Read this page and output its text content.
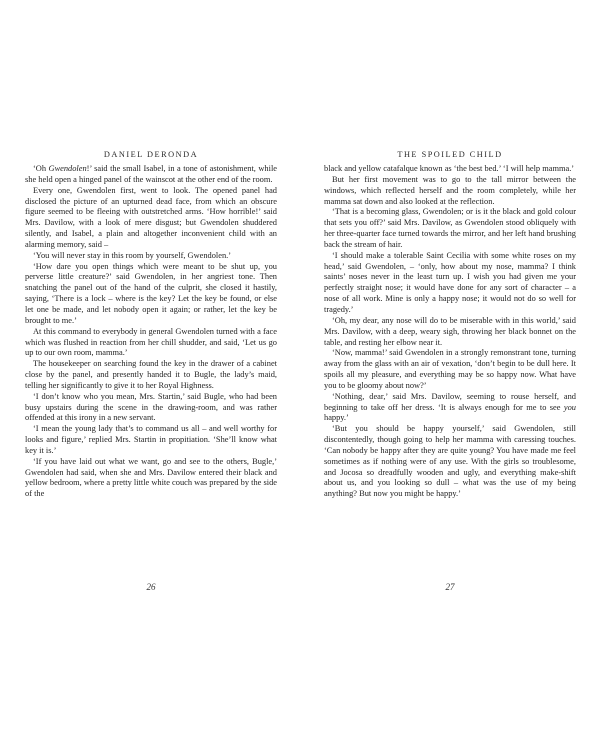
DANIEL DERONDA

‘Oh Gwendolen!’ said the small Isabel, in a tone of astonishment, while she held open a hinged panel of the wainscot at the other end of the room.

Every one, Gwendolen first, went to look. The opened panel had disclosed the picture of an upturned dead face, from which an obscure figure seemed to be fleeing with outstretched arms. ‘How horrible!’ said Mrs. Davilow, with a look of mere disgust; but Gwendolen shuddered silently, and Isabel, a plain and altogether inconvenient child with an alarming memory, said –

‘You will never stay in this room by yourself, Gwendolen.’

‘How dare you open things which were meant to be shut up, you perverse little creature?’ said Gwendolen, in her angriest tone. Then snatching the panel out of the hand of the culprit, she closed it hastily, saying, ‘There is a lock – where is the key? Let the key be found, or else let one be made, and let nobody open it again; or rather, let the key be brought to me.’

At this command to everybody in general Gwendolen turned with a face which was flushed in reaction from her chill shudder, and said, ‘Let us go up to our own room, mamma.’

The housekeeper on searching found the key in the drawer of a cabinet close by the panel, and presently handed it to Bugle, the lady’s maid, telling her significantly to give it to her Royal Highness.

‘I don’t know who you mean, Mrs. Startin,’ said Bugle, who had been busy upstairs during the scene in the drawing-room, and was rather offended at this irony in a new servant.

‘I mean the young lady that’s to command us all – and well worthy for looks and figure,’ replied Mrs. Startin in propitiation. ‘She’ll know what key it is.’

‘If you have laid out what we want, go and see to the others, Bugle,’ Gwendolen had said, when she and Mrs. Davilow entered their black and yellow bedroom, where a pretty little white couch was prepared by the side of the

26
THE SPOILED CHILD

black and yellow catafalque known as ‘the best bed.’ ‘I will help mamma.’

But her first movement was to go to the tall mirror between the windows, which reflected herself and the room completely, while her mamma sat down and also looked at the reflection.

‘That is a becoming glass, Gwendolen; or is it the black and gold colour that sets you off?’ said Mrs. Davilow, as Gwendolen stood obliquely with her three-quarter face turned towards the mirror, and her left hand brushing back the stream of hair.

‘I should make a tolerable Saint Cecilia with some white roses on my head,’ said Gwendolen, – ‘only, how about my nose, mamma? I think saints’ noses never in the least turn up. I wish you had given me your perfectly straight nose; it would have done for any sort of character – a nose of all work. Mine is only a happy nose; it would not do so well for tragedy.’

‘Oh, my dear, any nose will do to be miserable with in this world,’ said Mrs. Davilow, with a deep, weary sigh, throwing her black bonnet on the table, and resting her elbow near it.

‘Now, mamma!’ said Gwendolen in a strongly remonstrant tone, turning away from the glass with an air of vexation, ‘don’t begin to be dull here. It spoils all my pleasure, and everything may be so happy now. What have you to be gloomy about now?’

‘Nothing, dear,’ said Mrs. Davilow, seeming to rouse herself, and beginning to take off her dress. ‘It is always enough for me to see you happy.’

‘But you should be happy yourself,’ said Gwendolen, still discontentedly, though going to help her mamma with caressing touches. ‘Can nobody be happy after they are quite young? You have made me feel sometimes as if nothing were of any use. With the girls so troublesome, and Jocosa so dreadfully wooden and ugly, and everything make-shift about us, and you looking so dull – what was the use of my being anything? But now you might be happy.’

27
